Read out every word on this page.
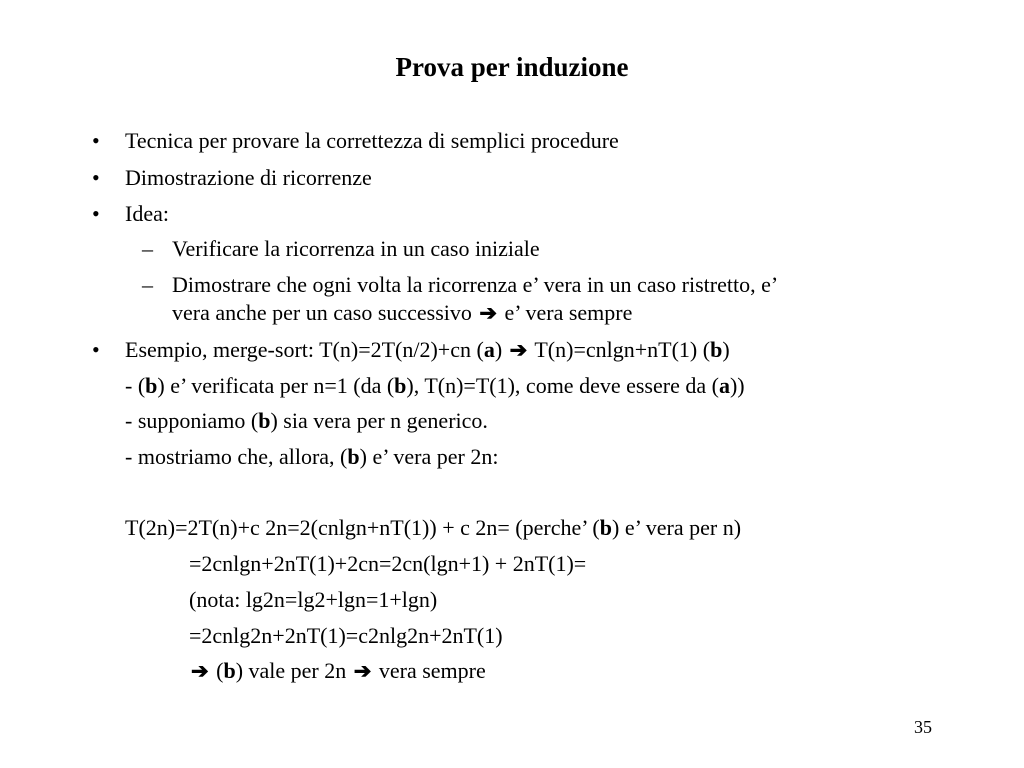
Prova per induzione
• Tecnica per provare la correttezza di semplici procedure

• Dimostrazione di ricorrenze

• Idea:

– Verificare la ricorrenza in un caso iniziale

– Dimostrare che ogni volta la ricorrenza e’ vera in un caso ristretto, e’

vera anche per un caso successivo ➔ e’ vera sempre

• Esempio, merge-sort: T(n)=2T(n/2)+cn (a) ➔ T(n)=cnlgn+nT(1) (b)

- (b) e’ verificata per n=1 (da (b), T(n)=T(1), come deve essere da (a))

- supponiamo (b) sia vera per n generico.

- mostriamo che, allora, (b) e’ vera per 2n:

T(2n)=2T(n)+c 2n=2(cnlgn+nT(1)) + c 2n= (perche’ (b) e’ vera per n)

=2cnlgn+2nT(1)+2cn=2cn(lgn+1) + 2nT(1)=

(nota: lg2n=lg2+lgn=1+lgn)

=2cnlg2n+2nT(1)=c2nlg2n+2nT(1)

➔ (b) vale per 2n ➔ vera sempre

35
